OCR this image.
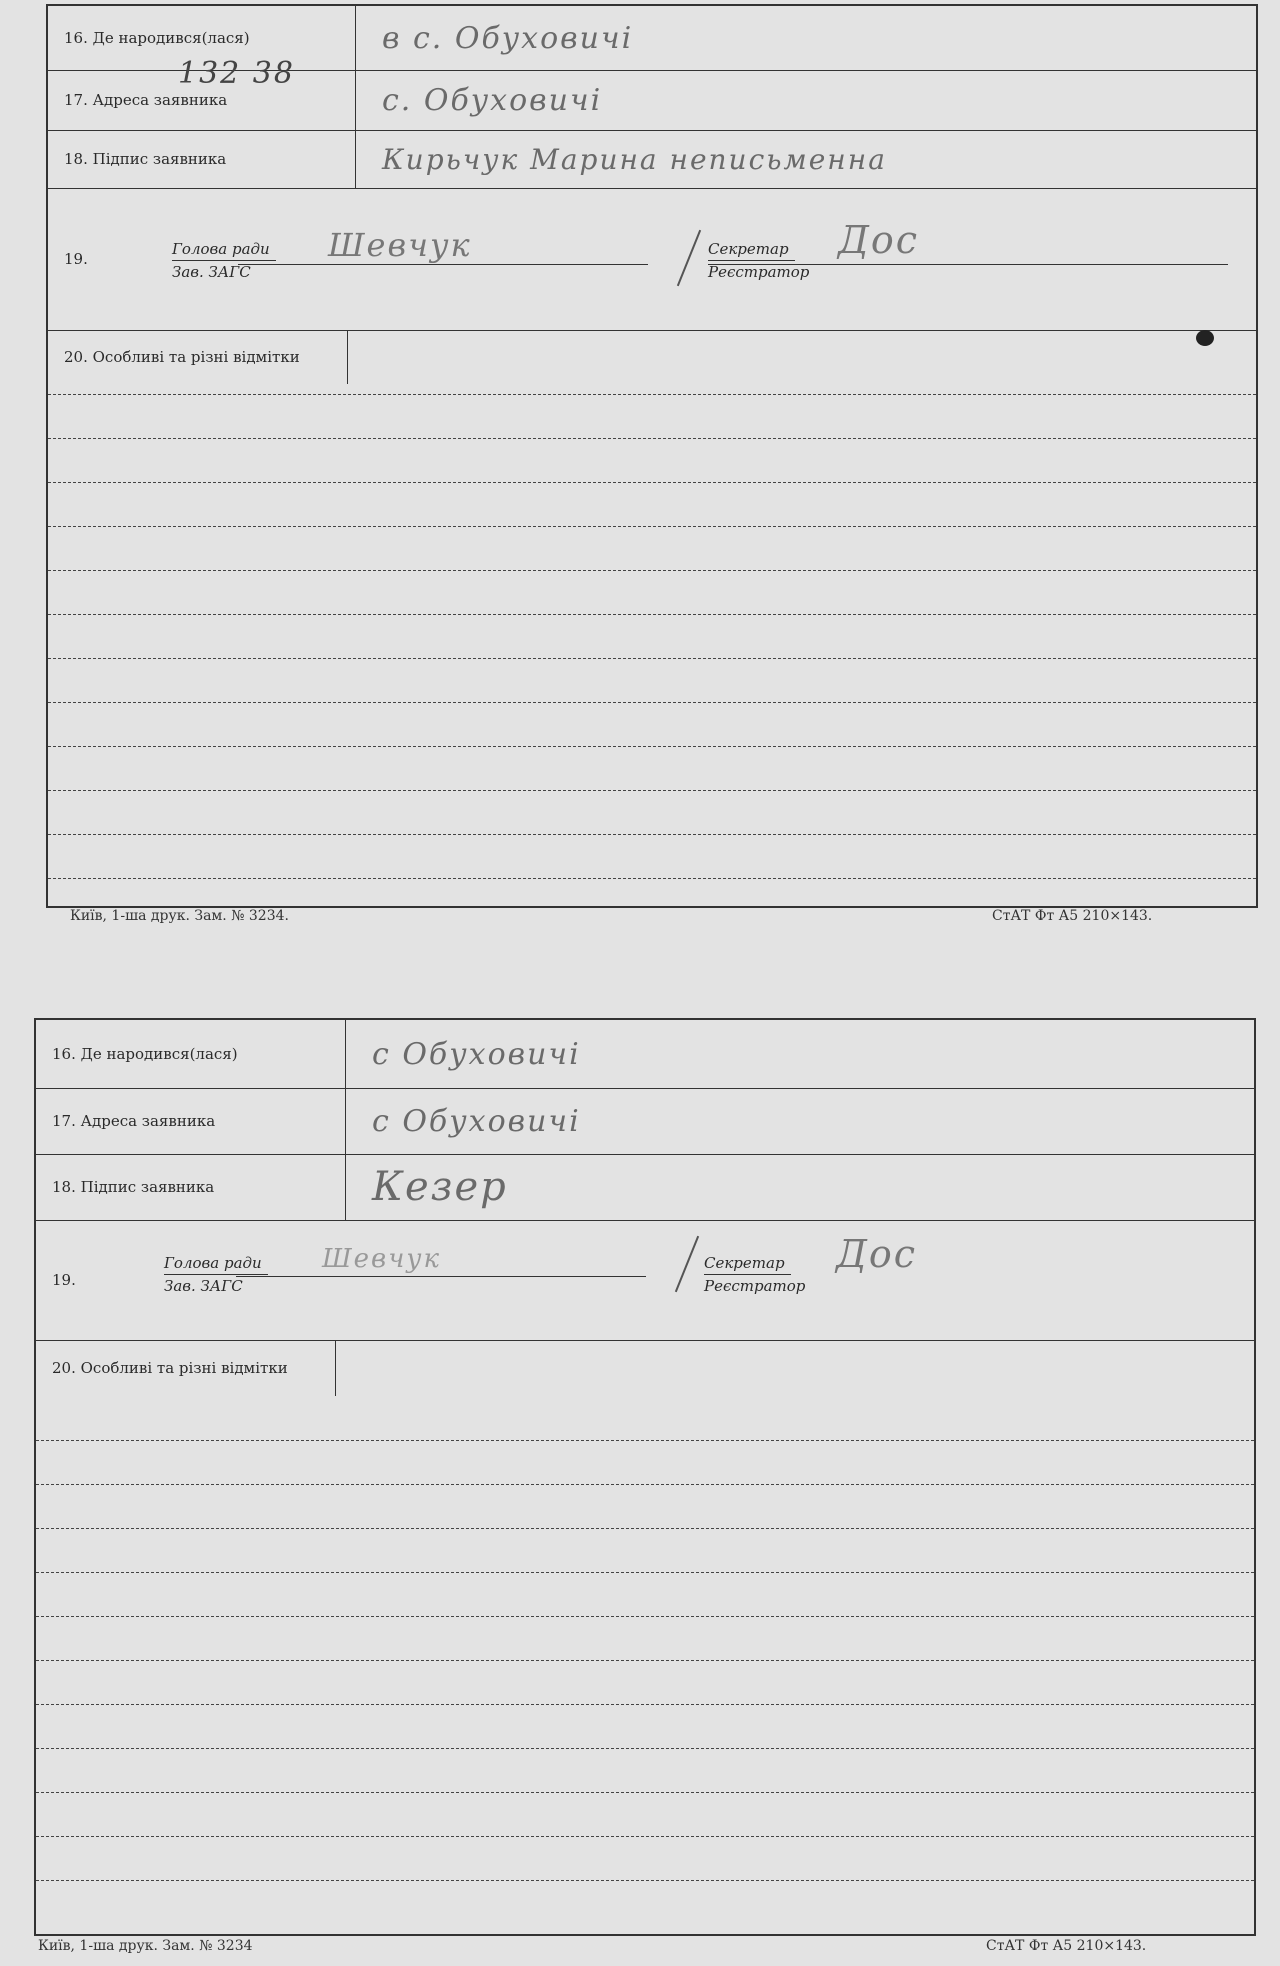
16. Де народився(лася)	в с. Обуховичі
17. Адреса заявника	с. Обуховичі
132 38
18. Підпис заявника	Кирьчук Марина неписьменна
19.
Голова ради
Зав. ЗАГС
Шевчук	Секретар
Реєстратор
Дос
20. Особливі та різні відмітки
Київ, 1-ша друк. Зам. № 3234.	СтАТ Фт А5 210×143.
16. Де народився(лася)	с Обуховичі
17. Адреса заявника	с Обуховичі
18. Підпис заявника	Кезер
19.
Голова ради
Зав. ЗАГС
Шевчук	Секретар
Реєстратор
Дос
20. Особливі та різні відмітки
Київ, 1-ша друк. Зам. № 3234	СтАТ Фт А5 210×143.
